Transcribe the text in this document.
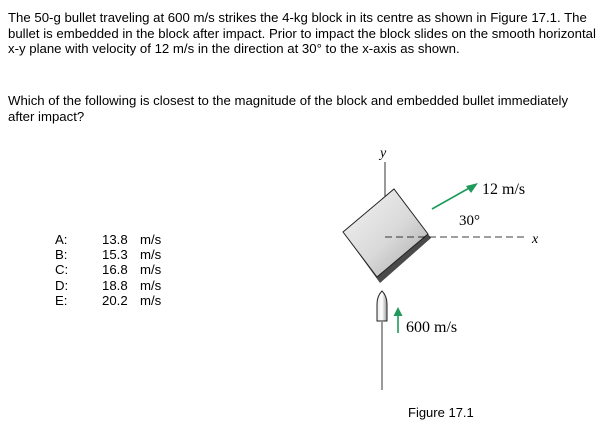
The 50-g bullet traveling at 600 m/s strikes the 4-kg block in its centre as shown in Figure 17.1. The bullet is embedded in the block after impact. Prior to impact the block slides on the smooth horizontal x-y plane with velocity of 12 m/s in the direction at 30° to the x-axis as shown.

Which of the following is closest to the magnitude of the block and embedded bullet immediately after impact?

A:	13.8 m/s
B:	15.3 m/s
C:	16.8 m/s
D:	18.8 m/s
E:	20.2 m/s
y
x
12 m/s
30°
600 m/s
Figure 17.1
